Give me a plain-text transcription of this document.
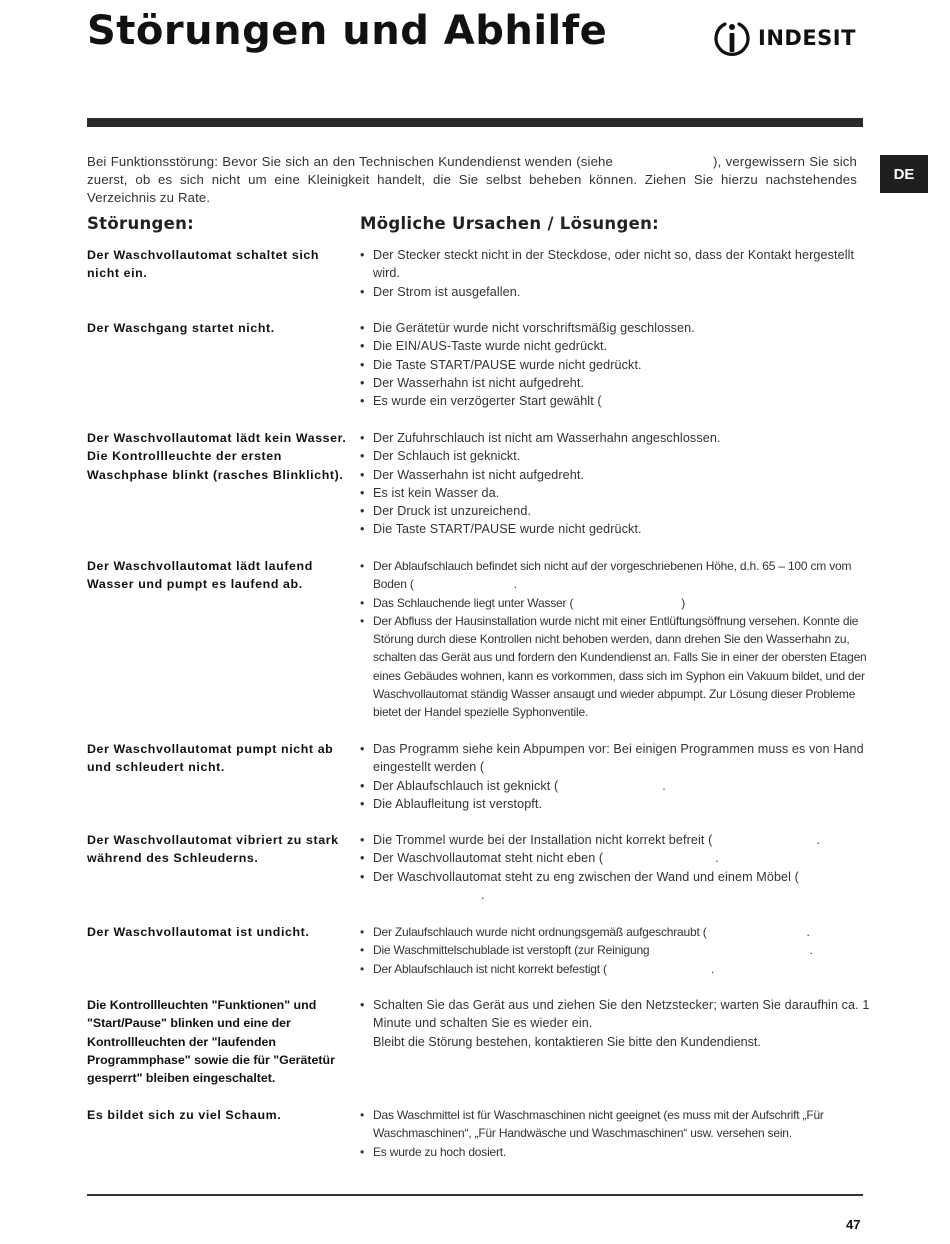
Störungen und Abhilfe	INDESIT
DE

Bei Funktionsstörung: Bevor Sie sich an den Technischen Kundendienst wenden (siehe	), vergewissern Sie sich zuerst, ob es sich nicht um eine Kleinigkeit handelt, die Sie selbst beheben können. Ziehen Sie hierzu nachstehendes Verzeichnis zu Rate.

Störungen:	Mögliche Ursachen / Lösungen:

Der Waschvollautomat schaltet sich nicht ein.

• Der Stecker steckt nicht in der Steckdose, oder nicht so, dass der Kontakt hergestellt wird.
• Der Strom ist ausgefallen.

Der Waschgang startet nicht.	• Die Gerätetür wurde nicht vorschriftsmäßig geschlossen.
• Die EIN/AUS-Taste wurde nicht gedrückt.
• Die Taste START/PAUSE wurde nicht gedrückt.
• Der Wasserhahn ist nicht aufgedreht.
• Es wurde ein verzögerter Start gewählt (

Der Waschvollautomat lädt kein Wasser. Die Kontrollleuchte der ersten Waschphase blinkt (rasches Blinklicht).

• Der Zufuhrschlauch ist nicht am Wasserhahn angeschlossen.
• Der Schlauch ist geknickt.
• Der Wasserhahn ist nicht aufgedreht.
• Es ist kein Wasser da.
• Der Druck ist unzureichend.
• Die Taste START/PAUSE wurde nicht gedrückt.

Der Waschvollautomat lädt laufend Wasser und pumpt es laufend ab.

• Der Ablaufschlauch befindet sich nicht auf der vorgeschriebenen Höhe, d.h. 65 – 100 cm vom Boden (	.
• Das Schlauchende liegt unter Wasser (	)
• Der Abfluss der Hausinstallation wurde nicht mit einer Entlüftungsöffnung versehen. Konnte die Störung durch diese Kontrollen nicht behoben werden, dann drehen Sie den Wasserhahn zu, schalten das Gerät aus und fordern den Kundendienst an. Falls Sie in einer der obersten Etagen eines Gebäudes wohnen, kann es vorkommen, dass sich im Syphon ein Vakuum bildet, und der Waschvollautomat ständig Wasser ansaugt und wieder abpumpt. Zur Lösung dieser Probleme bietet der Handel spezielle Syphonventile.

Der Waschvollautomat pumpt nicht ab und schleudert nicht.

• Das Programm siehe kein Abpumpen vor: Bei einigen Programmen muss es von Hand eingestellt werden (
• Der Ablaufschlauch ist geknickt (	.
• Die Ablaufleitung ist verstopft.

Der Waschvollautomat vibriert zu stark während des Schleuderns.

• Die Trommel wurde bei der Installation nicht korrekt befreit (	.
• Der Waschvollautomat steht nicht eben (	.
• Der Waschvollautomat steht zu eng zwischen der Wand und einem Möbel (.

Der Waschvollautomat ist undicht.	• Der Zulaufschlauch wurde nicht ordnungsgemäß aufgeschraubt (	.
• Die Waschmittelschublade ist verstopft (zur Reinigung	.
• Der Ablaufschlauch ist nicht korrekt befestigt (	.

Die Kontrollleuchten "Funktionen" und "Start/Pause" blinken und eine der Kontrollleuchten der "laufenden Programmphase" sowie die für "Gerätetür gesperrt" bleiben eingeschaltet.

• Schalten Sie das Gerät aus und ziehen Sie den Netzstecker; warten Sie daraufhin ca. 1 Minute und schalten Sie es wieder ein.
Bleibt die Störung bestehen, kontaktieren Sie bitte den Kundendienst.

Es bildet sich zu viel Schaum.	• Das Waschmittel ist für Waschmaschinen nicht geeignet (es muss mit der Aufschrift „Für Waschmaschinen“, „Für Handwäsche und Waschmaschinen“ usw. versehen sein.
• Es wurde zu hoch dosiert.
47
